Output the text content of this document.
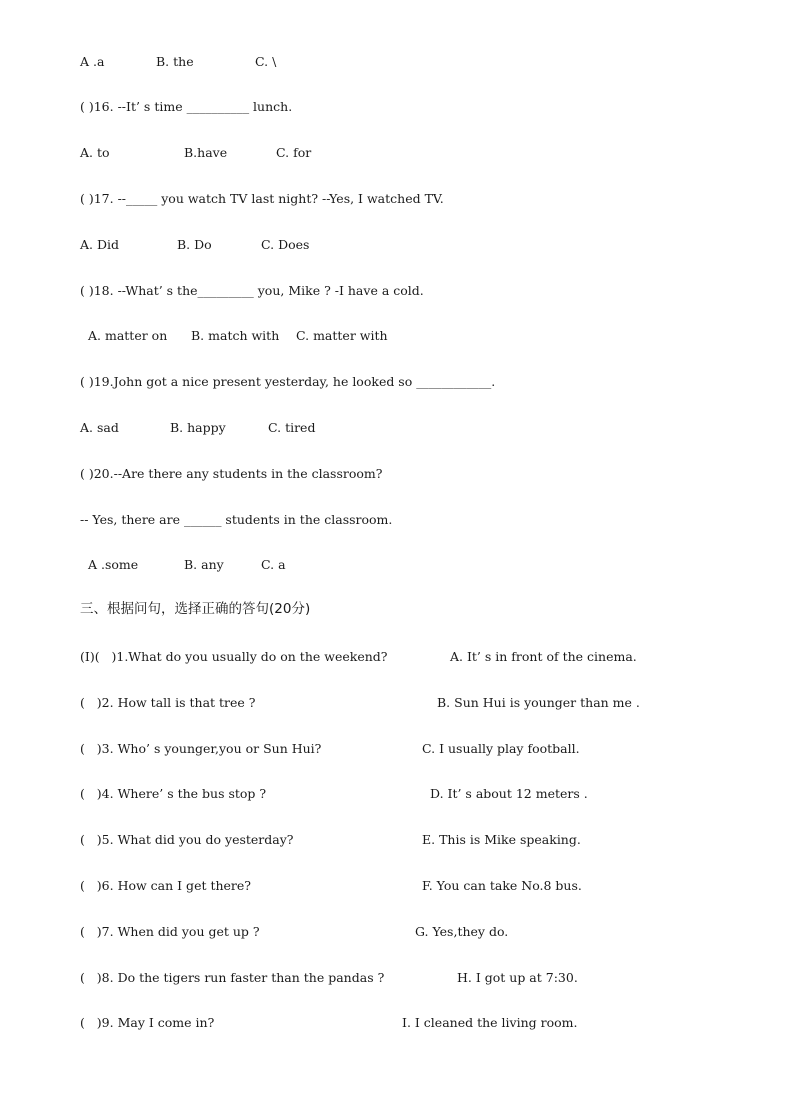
A .a	B. the	C. \
( )16. --It’ s time __________ lunch.
A. to	B.have	C. for
( )17. --_____ you watch TV last night? --Yes, I watched TV.
A. Did	B. Do	C. Does
( )18. --What’ s the_________ you, Mike ? -I have a cold.
A. matter on B. match with C. matter with
( )19.John got a nice present yesterday, he looked so ____________.
A. sad	B. happy	C. tired
( )20.--Are there any students in the classroom?
-- Yes, there are ______ students in the classroom.
A .some	B. any	C. a
三、根据问句，选择正确的答句(20分)
(I)(   )1.What do you usually do on the weekend?	A. It’ s in front of the cinema.
(   )2. How tall is that tree ?	B. Sun Hui is younger than me .
(   )3. Who’ s younger,you or Sun Hui?	C. I usually play football.
(   )4. Where’ s the bus stop ?	D. It’ s about 12 meters .
(   )5. What did you do yesterday?	E. This is Mike speaking.
(   )6. How can I get there?	F. You can take No.8 bus.
(   )7. When did you get up ?	G. Yes,they do.
(   )8. Do the tigers run faster than the pandas ?	H. I got up at 7:30.
(   )9. May I come in?	I. I cleaned the living room.
